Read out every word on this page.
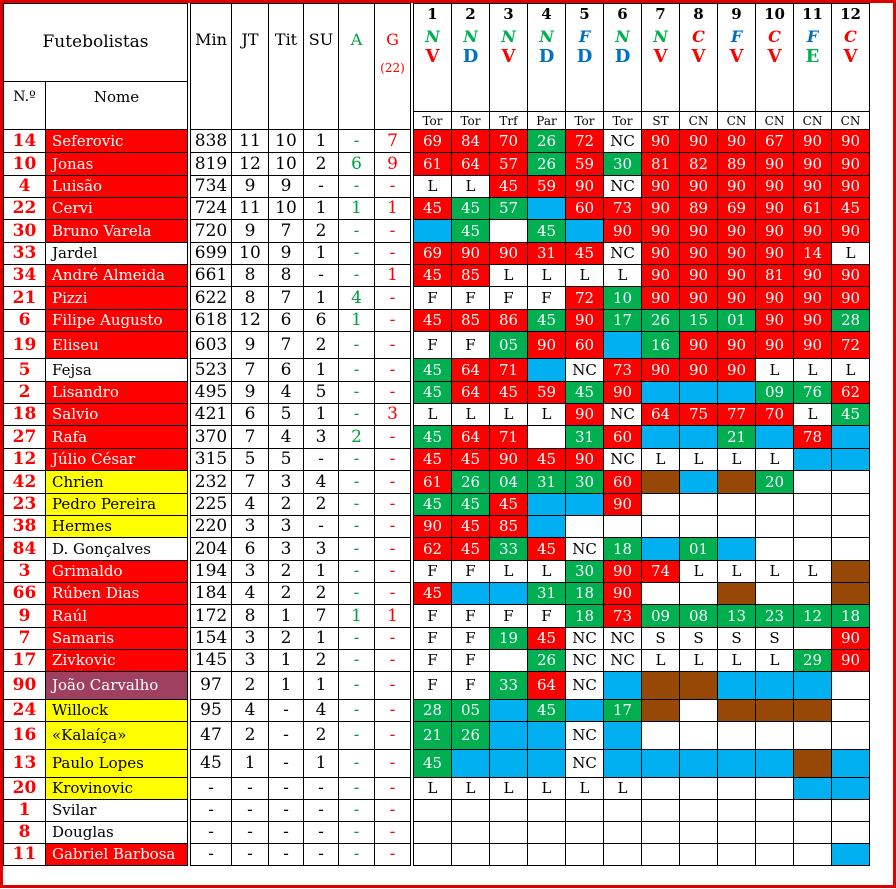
Futebolistas			Min	JT	Tit	SU	A	G
(22)		1	2	3	4	5	6	7	8	9	10	11	12
										N	N	N	N	F	N	N	C	F	C	F	C
										V	D	V	D	D	D	V	V	V	V	E	V
N.º	Nome																				

										Tor	Tor	Trf	Par	Tor	Tor	ST	CN	CN	CN	CN	CN
14	Seferovic		838	11	10	1	-	7		69	84	70	26	72	NC	90	90	90	67	90	90
10	Jonas		819	12	10	2	6	9		61	64	57	26	59	30	81	82	89	90	90	90
4	Luisão		734	9	9	-	-	-		L	L	45	59	90	NC	90	90	90	90	90	90
22	Cervi		724	11	10	1	1	1		45	45	57		60	73	90	89	69	90	61	45
30	Bruno Varela		720	9	7	2	-	-			45		45		90	90	90	90	90	90	90
33	Jardel		699	10	9	1	-	-		69	90	90	31	45	NC	90	90	90	90	14	L
34	André Almeida		661	8	8	-	-	1		45	85	L	L	L	L	90	90	90	81	90	90
21	Pizzi		622	8	7	1	4	-		F	F	F	F	72	10	90	90	90	90	90	90
6	Filipe Augusto		618	12	6	6	1	-		45	85	86	45	90	17	26	15	01	90	90	28
19	Eliseu		603	9	7	2	-	-		F	F	05	90	60		16	90	90	90	90	72
5	Fejsa		523	7	6	1	-	-		45	64	71		NC	73	90	90	90	L	L	L
2	Lisandro		495	9	4	5	-	-		45	64	45	59	45	90				09	76	62
18	Salvio		421	6	5	1	-	3		L	L	L	L	90	NC	64	75	77	70	L	45
27	Rafa		370	7	4	3	2	-		45	64	71		31	60			21		78	
12	Júlio César		315	5	5	-	-	-		45	45	90	45	90	NC	L	L	L	L		
42	Chrien		232	7	3	4	-	-		61	26	04	31	30	60				20		
23	Pedro Pereira		225	4	2	2	-	-		45	45	45			90						
38	Hermes		220	3	3	-	-	-		90	45	85									
84	D. Gonçalves		204	6	3	3	-	-		62	45	33	45	NC	18		01				
3	Grimaldo		194	3	2	1	-	-		F	F	L	L	30	90	74	L	L	L	L	
66	Rúben Dias		184	4	2	2	-	-		45			31	18	90						
9	Raúl		172	8	1	7	1	1		F	F	F	F	18	73	09	08	13	23	12	18
7	Samaris		154	3	2	1	-	-		F	F	19	45	NC	NC	S	S	S	S		90
17	Zivkovic		145	3	1	2	-	-		F	F		26	NC	NC	L	L	L	L	29	90
90	João Carvalho		97	2	1	1	-	-		F	F	33	64	NC							
24	Willock		95	4	-	4	-	-		28	05		45		17						
16	«Kalaíça»		47	2	-	2	-	-		21	26			NC							
13	Paulo Lopes		45	1	-	1	-	-		45				NC							
20	Krovinovic		-	-	-	-	-	-		L	L	L	L	L	L						
1	Svilar		-	-	-	-	-	-													
8	Douglas		-	-	-	-	-	-													
11	Gabriel Barbosa		-	-	-	-	-	-													
